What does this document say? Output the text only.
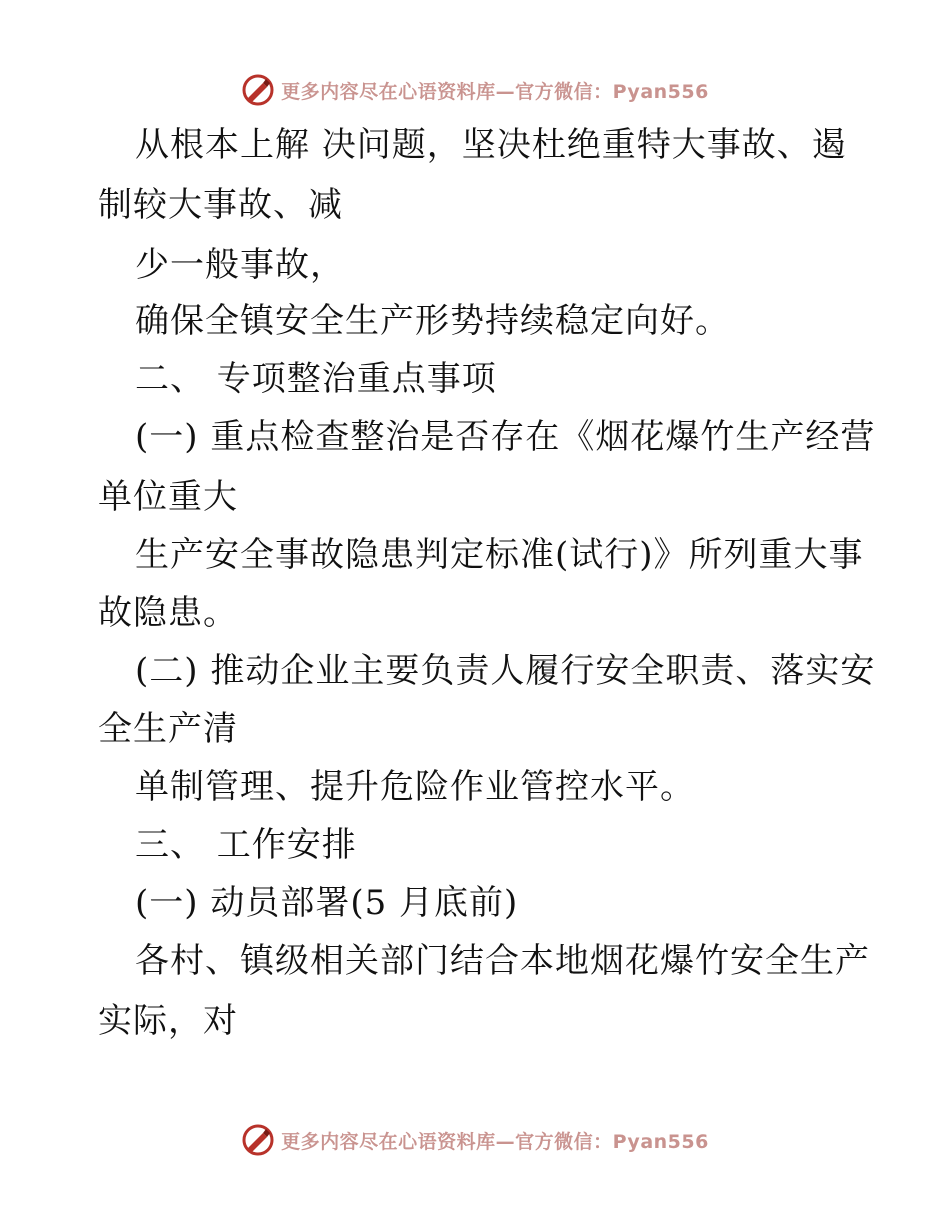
更多内容尽在心语资料库—官方微信：Pyan556
从根本上解 决问题，坚决杜绝重特大事故、遏
制较大事故、减
少一般事故，
确保全镇安全生产形势持续稳定向好。
二、 专项整治重点事项
(一) 重点检查整治是否存在《烟花爆竹生产经营
单位重大
生产安全事故隐患判定标准(试行)》所列重大事
故隐患。
(二) 推动企业主要负责人履行安全职责、落实安
全生产清
单制管理、提升危险作业管控水平。
三、 工作安排
(一) 动员部署(5 月底前)
各村、镇级相关部门结合本地烟花爆竹安全生产
实际，对
更多内容尽在心语资料库—官方微信：Pyan556
